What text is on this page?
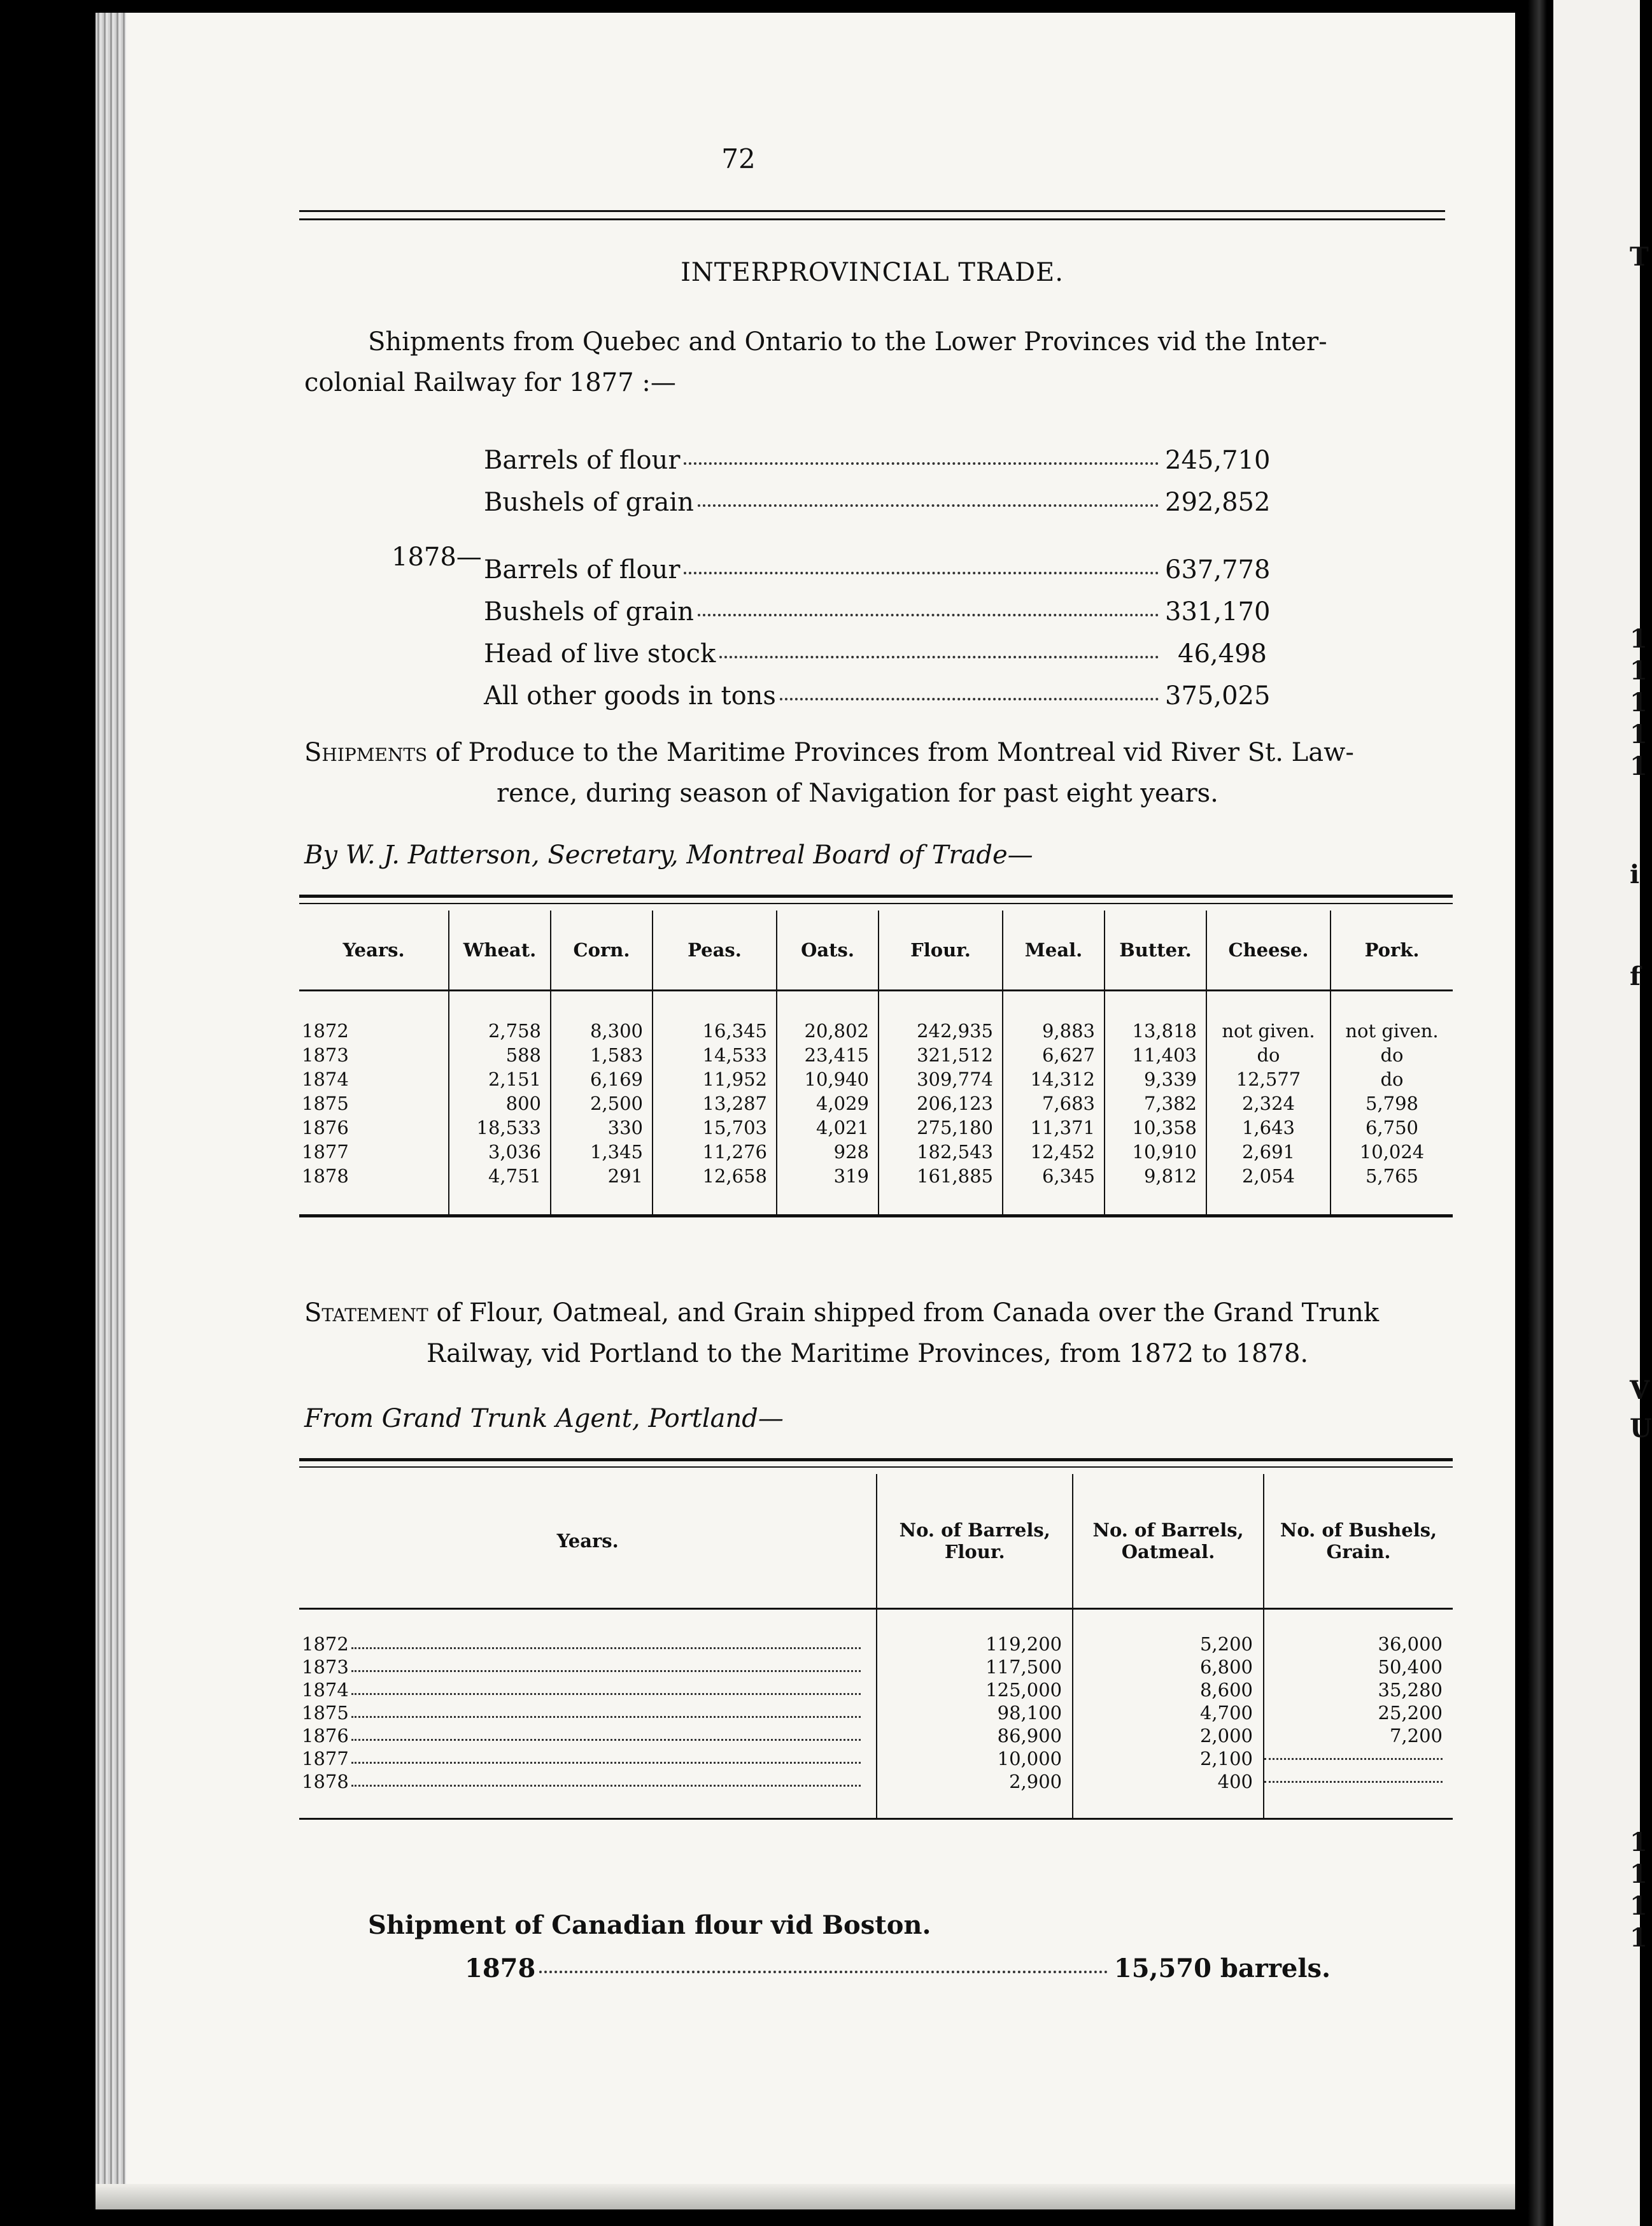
T
1
1
1
1
1
i
f
V
U
1
1
1
1
72
INTERPROVINCIAL TRADE.
Shipments from Quebec and Ontario to the Lower Provinces vid the Inter-
colonial Railway for 1877 :—
Barrels of flour	245,710
Bushels of grain	292,852
1878— Barrels of flour	637,778
Bushels of grain	331,170
Head of live stock	46,498
All other goods in tons	375,025
Shipments of Produce to the Maritime Provinces from Montreal vid River St. Law-
rence, during season of Navigation for past eight years.
By W. J. Patterson, Secretary, Montreal Board of Trade—
Years.	Wheat.	Corn.	Peas.	Oats.	Flour.	Meal.	Butter.	Cheese.	Pork.

1872	2,758	8,300	16,345	20,802	242,935	9,883	13,818	not given.	not given.
1873	588	1,583	14,533	23,415	321,512	6,627	11,403	do	do
1874	2,151	6,169	11,952	10,940	309,774	14,312	9,339	12,577	do
1875	800	2,500	13,287	4,029	206,123	7,683	7,382	2,324	5,798
1876	18,533	330	15,703	4,021	275,180	11,371	10,358	1,643	6,750
1877	3,036	1,345	11,276	928	182,543	12,452	10,910	2,691	10,024
1878	4,751	291	12,658	319	161,885	6,345	9,812	2,054	5,765

Statement of Flour, Oatmeal, and Grain shipped from Canada over the Grand Trunk
Railway, vid Portland to the Maritime Provinces, from 1872 to 1878.
From Grand Trunk Agent, Portland—
Years.	No. of Barrels, Flour.	No. of Barrels, Oatmeal.	No. of Bushels, Grain.

1872	119,200	5,200	36,000

1873	117,500	6,800	50,400

1874	125,000	8,600	35,280

1875	98,100	4,700	25,200

1876	86,900	2,000	7,200

1877	10,000	2,100	

1878	2,900	400	

Shipment of Canadian flour vid Boston.
1878	15,570 barrels.
